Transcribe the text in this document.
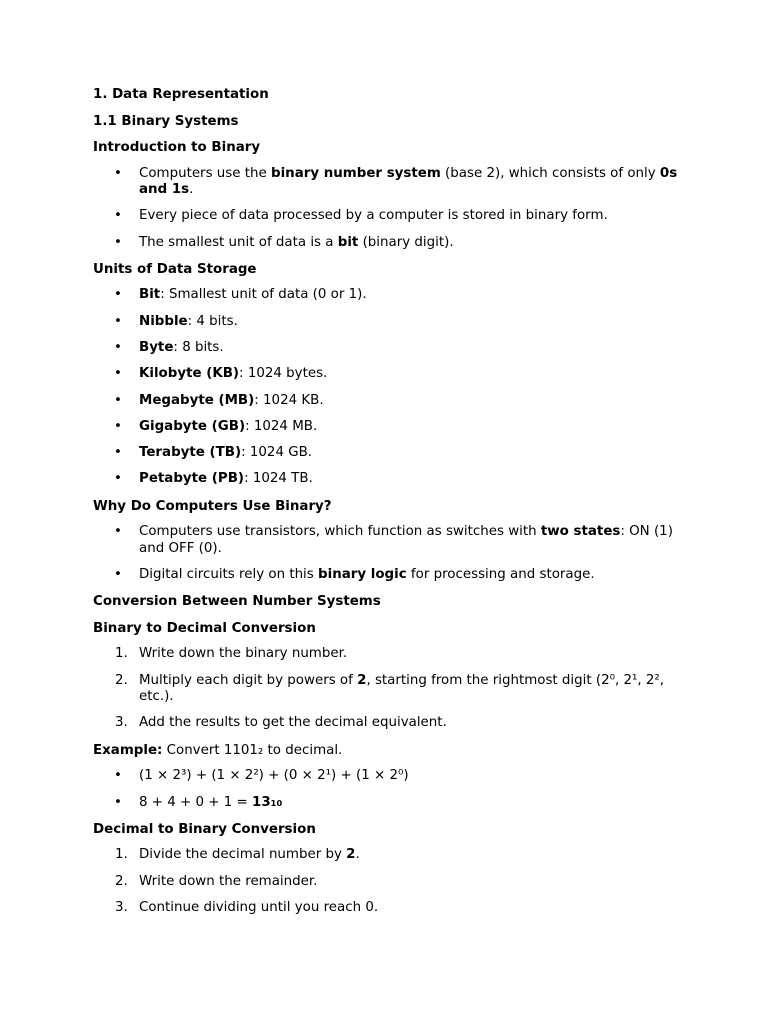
1. Data Representation
1.1 Binary Systems
Introduction to Binary
• Computers use the binary number system (base 2), which consists of only 0s and 1s.
• Every piece of data processed by a computer is stored in binary form.
• The smallest unit of data is a bit (binary digit).
Units of Data Storage
• Bit: Smallest unit of data (0 or 1).
• Nibble: 4 bits.
• Byte: 8 bits.
• Kilobyte (KB): 1024 bytes.
• Megabyte (MB): 1024 KB.
• Gigabyte (GB): 1024 MB.
• Terabyte (TB): 1024 GB.
• Petabyte (PB): 1024 TB.
Why Do Computers Use Binary?
• Computers use transistors, which function as switches with two states: ON (1) and OFF (0).
• Digital circuits rely on this binary logic for processing and storage.
Conversion Between Number Systems
Binary to Decimal Conversion
1. Write down the binary number.
2. Multiply each digit by powers of 2, starting from the rightmost digit (2⁰, 2¹, 2², etc.).
3. Add the results to get the decimal equivalent.
Example: Convert 1101₂ to decimal.
• (1 × 2³) + (1 × 2²) + (0 × 2¹) + (1 × 2⁰)
• 8 + 4 + 0 + 1 = 13₁₀
Decimal to Binary Conversion
1. Divide the decimal number by 2.
2. Write down the remainder.
3. Continue dividing until you reach 0.
